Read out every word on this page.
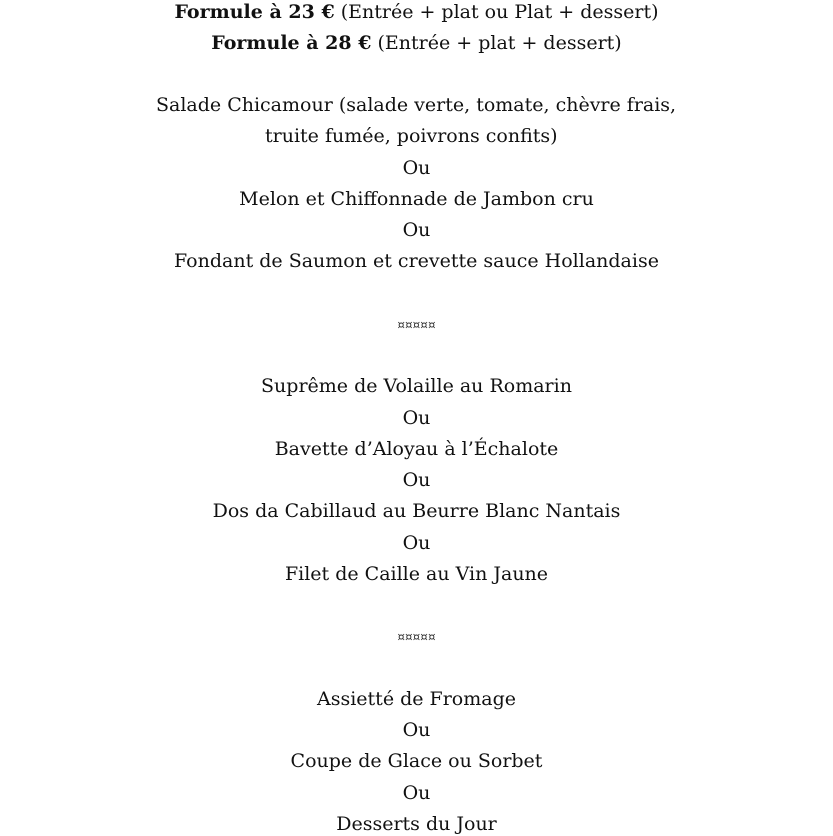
Formule à 23 € (Entrée + plat ou Plat + dessert)
Formule à 28 € (Entrée + plat + dessert)
Salade Chicamour (salade verte, tomate, chèvre frais,
truite fumée, poivrons confits)
Ou
Melon et Chiffonnade de Jambon cru
Ou
Fondant de Saumon et crevette sauce Hollandaise
¤¤¤¤¤
Suprême de Volaille au Romarin
Ou
Bavette d’Aloyau à l’Échalote
Ou
Dos da Cabillaud au Beurre Blanc Nantais
Ou
Filet de Caille au Vin Jaune
¤¤¤¤¤
Assietté de Fromage
Ou
Coupe de Glace ou Sorbet
Ou
Desserts du Jour
